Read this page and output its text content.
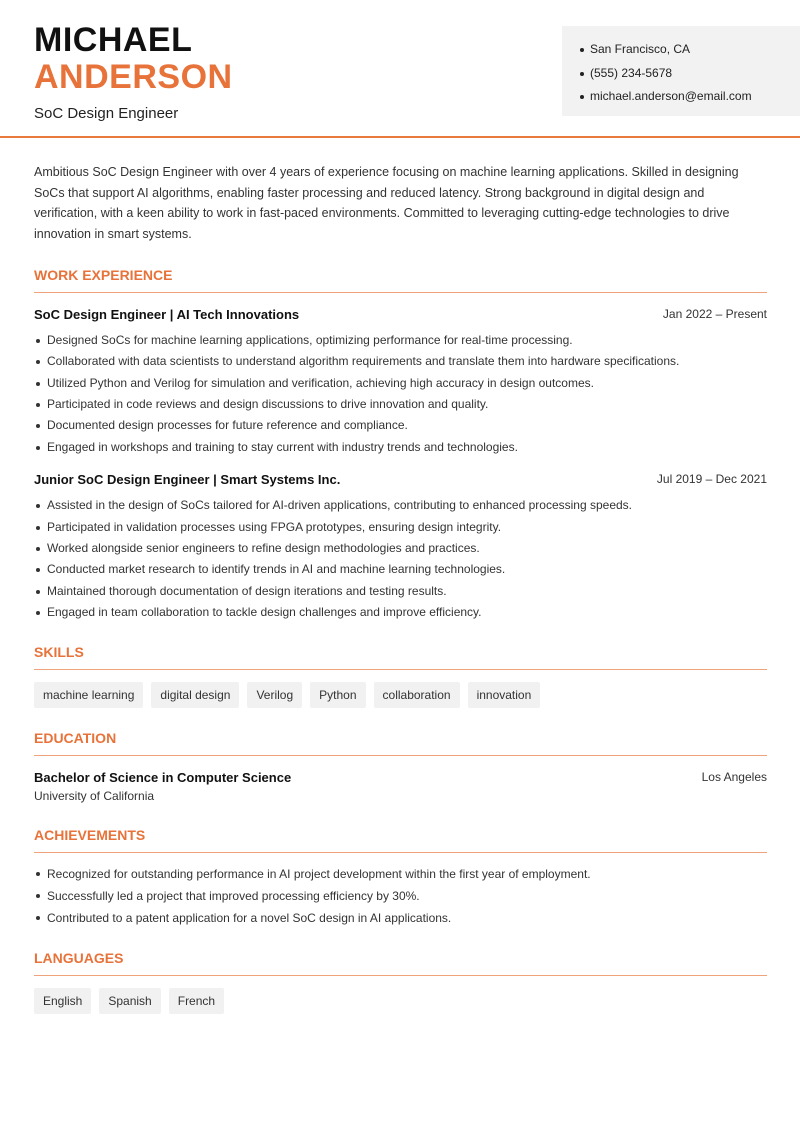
MICHAEL
ANDERSON
SoC Design Engineer
San Francisco, CA
(555) 234-5678
michael.anderson@email.com

Ambitious SoC Design Engineer with over 4 years of experience focusing on machine learning applications. Skilled in designing SoCs that support AI algorithms, enabling faster processing and reduced latency. Strong background in digital design and verification, with a keen ability to work in fast-paced environments. Committed to leveraging cutting-edge technologies to drive innovation in smart systems.

WORK EXPERIENCE
SoC Design Engineer | AI Tech Innovations	Jan 2022 – Present
Designed SoCs for machine learning applications, optimizing performance for real-time processing.
Collaborated with data scientists to understand algorithm requirements and translate them into hardware specifications.
Utilized Python and Verilog for simulation and verification, achieving high accuracy in design outcomes.
Participated in code reviews and design discussions to drive innovation and quality.
Documented design processes for future reference and compliance.
Engaged in workshops and training to stay current with industry trends and technologies.
Junior SoC Design Engineer | Smart Systems Inc.	Jul 2019 – Dec 2021
Assisted in the design of SoCs tailored for AI-driven applications, contributing to enhanced processing speeds.
Participated in validation processes using FPGA prototypes, ensuring design integrity.
Worked alongside senior engineers to refine design methodologies and practices.
Conducted market research to identify trends in AI and machine learning technologies.
Maintained thorough documentation of design iterations and testing results.
Engaged in team collaboration to tackle design challenges and improve efficiency.
SKILLS
machine learning	digital design	Verilog	Python	collaboration	innovation
EDUCATION
Bachelor of Science in Computer Science	Los Angeles
University of California
ACHIEVEMENTS
Recognized for outstanding performance in AI project development within the first year of employment.
Successfully led a project that improved processing efficiency by 30%.
Contributed to a patent application for a novel SoC design in AI applications.
LANGUAGES
English	Spanish	French
